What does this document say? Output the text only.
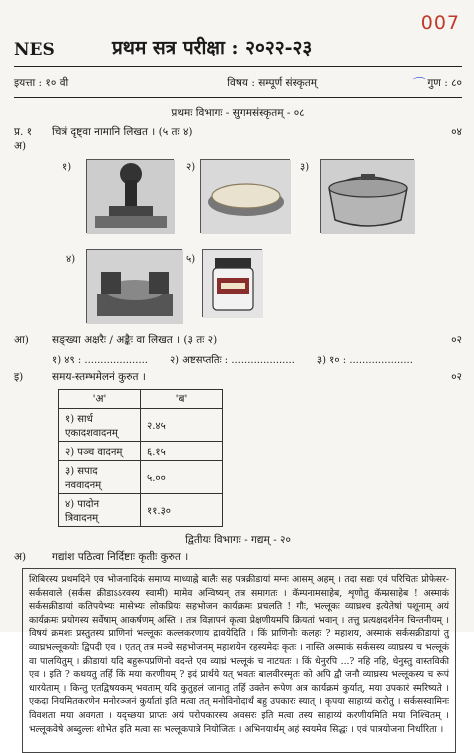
007
NES	प्रथम सत्र परीक्षा : २०२२-२३
इयत्ता : १० वी	विषय : सम्पूर्ण संस्कृतम्	⌒ गुण : ८०
प्रथमः विभागः - सुगमसंस्कृतम् - ०८
प्र. १ अ)
चित्रं दृष्ट्वा नामानि लिखत । (५ तः ४)	०४
१)	२)	३)
४)	५)
आ)	सङ्ख्या अक्षरैः / अङ्कैः वा लिखत । (३ तः २)	०२
१) ४९ : .................... २) अष्टसप्ततिः : .................... ३) १० : ....................
इ)	समय-स्तम्भमेलनं कुरुत ।	०२
'अ'	'ब'
१) सार्ध एकादशवादनम्	२.४५
२) पञ्च वादनम्	६.१५
३) सपाद नववादनम्	५.००
४) पादोन त्रिवादनम्	११.३०
द्वितीयः विभागः - गद्यम् - २०
अ)	गद्यांश पठित्वा निर्दिष्टाः कृतीः कुरुत ।
शिबिरस्य प्रथमदिने एव भोजनादिकं समाप्य माध्याह्ने बालैः सह पत्रक्रीडायां मग्नः आसम् अहम् । तदा सद्यः एवं परिचितः प्रोफेसर- सर्कसवाले (सर्कस क्रीडाऽऽरवस्य स्वामी) मामेव अन्विष्यन् तत्र समागतः । कॅम्पनामसाहेब, शृणोतु कॅम्प्नसाहेब ! अस्माकं सर्कसक्रीडायां कतिपयेभ्यः मासेभ्यः लोकप्रियः सहभोजन कार्यक्रमः प्रचलति ! गौः, भल्लूकः व्याघ्रश्च इत्येतेषां पशूनाम् अयं कार्यक्रमः प्रयोगस्य सर्वेषाम् आकर्षणम् अस्ति । तत्र विज्ञापनं कृत्वा प्रेक्षणीयमपि क्रियतां भवान् । तत्तु प्रत्यक्षदर्शनेन चिन्तनीयम् । विषयं क्रमशः प्रस्तुतस्य प्राणिनां भल्लूकः कल्लकरणाय द्रावयेदिति । किं प्राणिनोः कलहः ? महाशय, अस्माकं सर्कसक्रीडायां तु व्याघ्रभल्लूकयोः द्विपदी एव । एतत् तत्र मञ्चे सहभोजनम् महाशयेन रहस्यमेदः कृतः । नास्ति अस्माकं सर्कसस्य व्याघ्रस्य च भल्लूकं वा पालयितुम् । क्रीडायां यदि बहुरूपप्रणिनो वदन्ते एव व्याघ्रं भल्लूकं च नाटयतः । किं धेनुरपि ...? नहि नहि, धेनुस्तु वास्तविकी एव । इति ? कथयतु तर्हि किं मया करणीयम् ? इदं प्रार्थये यत् भवतः बालवीरस्मृतः को अपि द्वौ जनौ व्याघ्रस्य भल्लूकस्य च रूपं धारयेताम् । किन्तु एतद्विषयकम् भवताम् यदि कुतुहलं जानातु तर्हि उक्तेन रूपेण अत्र कार्यक्रमं कुर्यात्, मया उपकारं स्मरिष्यते । एकदा नियमितकरणेन मनोरञ्जनं कुर्यातां इति मत्वा तत् मनोविनोदार्थं बहु उपकारः स्यात् । कृपया साहाय्यं करोतु । सर्कसस्वामिनः विवशता मया अवगता । यद्च्छया प्राप्तः अयं परोपकारस्य अवसरः इति मत्वा तस्य साहाय्यं करणीयमिति मया निश्चितम् । भल्लूकवेषे अब्दुल्लः शोभेत इति मत्वा सः भल्लूकपात्रे नियोजितः । अभिनयार्थम् अहं स्वयमेव सिद्धः । एवं पात्रयोजना निर्धारिता ।
